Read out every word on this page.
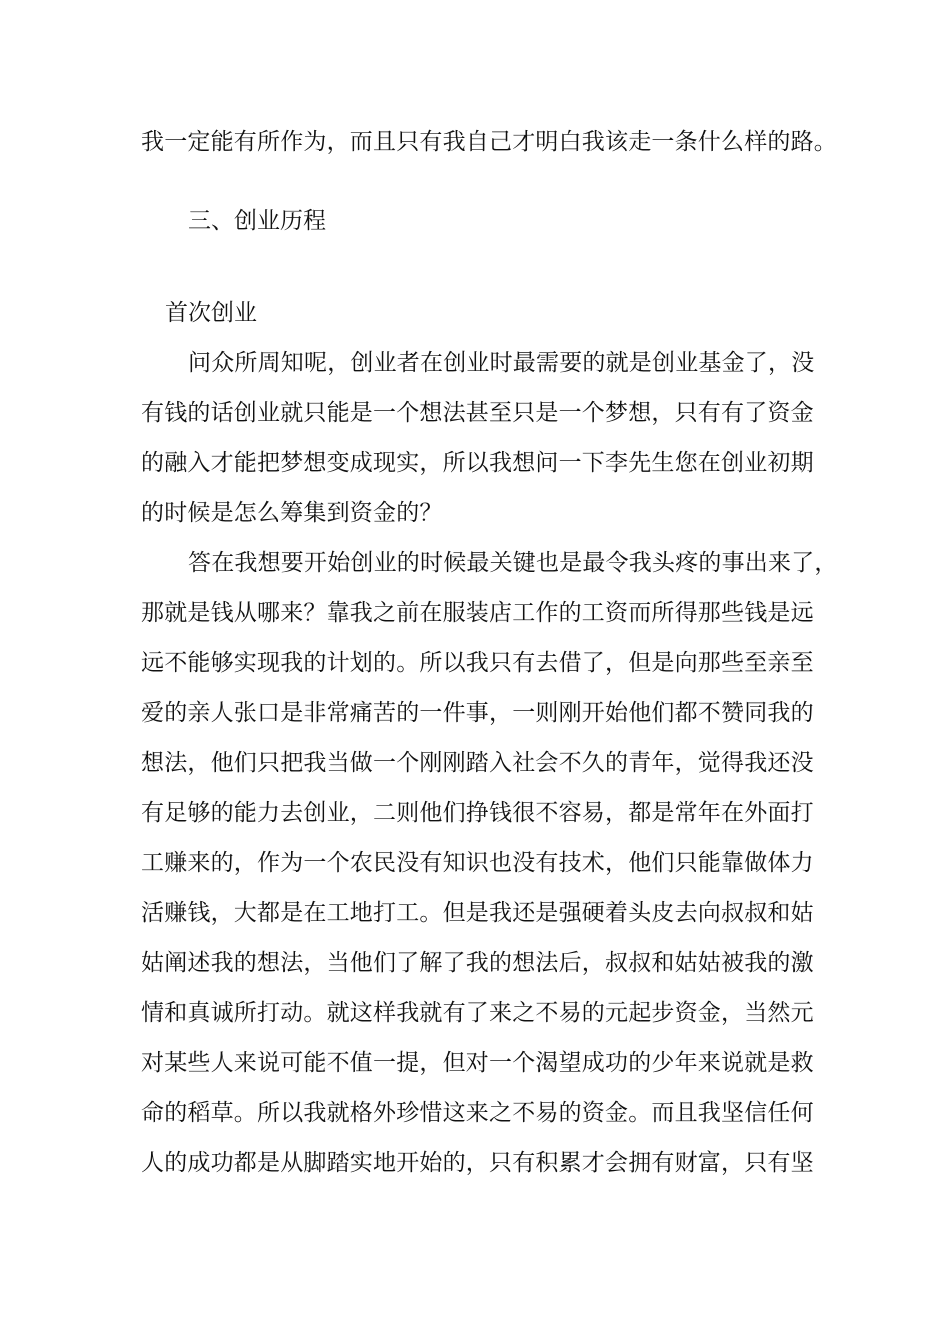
我一定能有所作为，而且只有我自己才明白我该走一条什么样的路。
三、创业历程
首次创业
问众所周知呢，创业者在创业时最需要的就是创业基金了，没
有钱的话创业就只能是一个想法甚至只是一个梦想，只有有了资金
的融入才能把梦想变成现实，所以我想问一下李先生您在创业初期
的时候是怎么筹集到资金的？
答在我想要开始创业的时候最关键也是最令我头疼的事出来了，
那就是钱从哪来？靠我之前在服装店工作的工资而所得那些钱是远
远不能够实现我的计划的。所以我只有去借了，但是向那些至亲至
爱的亲人张口是非常痛苦的一件事，一则刚开始他们都不赞同我的
想法，他们只把我当做一个刚刚踏入社会不久的青年，觉得我还没
有足够的能力去创业，二则他们挣钱很不容易，都是常年在外面打
工赚来的，作为一个农民没有知识也没有技术，他们只能靠做体力
活赚钱，大都是在工地打工。但是我还是强硬着头皮去向叔叔和姑
姑阐述我的想法，当他们了解了我的想法后，叔叔和姑姑被我的激
情和真诚所打动。就这样我就有了来之不易的元起步资金，当然元
对某些人来说可能不值一提，但对一个渴望成功的少年来说就是救
命的稻草。所以我就格外珍惜这来之不易的资金。而且我坚信任何
人的成功都是从脚踏实地开始的，只有积累才会拥有财富，只有坚
